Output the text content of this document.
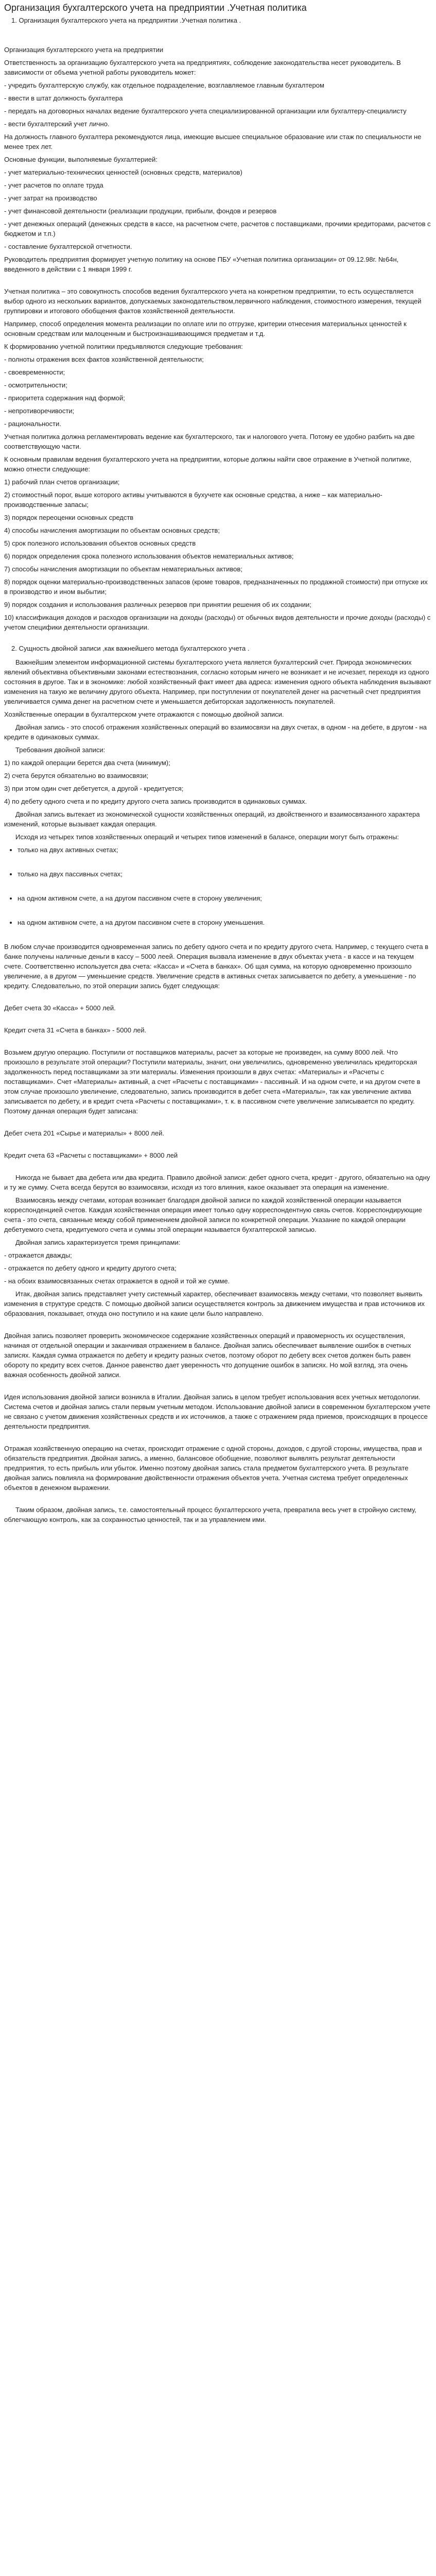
Организация бухгалтерского учета на предприятии .Учетная политика

1. Организация бухгалтерского учета на предприятии .Учетная политика .

Организация бухгалтерского учета на предприятии

Ответственность за организацию бухгалтерского учета на предприятиях, соблюдение законодательства несет руководитель. В зависимости от объема учетной работы руководитель может:

- учредить бухгалтерскую службу, как отдельное подразделение, возглавляемое главным бухгалтером

- ввести в штат должность бухгалтера

- передать на договорных началах ведение бухгалтерского учета специализированной организации или бухгалтеру-специалисту

- вести бухгалтерский учет лично.

На должность главного бухгалтера рекомендуются лица, имеющие высшее специальное образование или стаж по специальности не менее трех лет.

Основные функции, выполняемые бухгалтерией:

- учет материально-технических ценностей (основных средств, материалов)

- учет расчетов по оплате труда

- учет затрат на производство

- учет финансовой деятельности (реализации продукции, прибыли, фондов и резервов

- учет денежных операций (денежных средств в кассе, на расчетном счете, расчетов с поставщиками, прочими кредиторами, расчетов с бюджетом и т.п.)

- составление бухгалтерской отчетности.

Руководитель предприятия формирует учетную политику на основе ПБУ «Учетная политика организации» от 09.12.98г. №64н, введенного в действии с 1 января 1999 г.

Учетная политика – это совокупность способов ведения бухгалтерского учета на конкретном предприятии, то есть осуществляется выбор одного из нескольких вариантов, допускаемых законодательством,первичного наблюдения, стоимостного измерения, текущей группировки и итогового обобщения фактов хозяйственной деятельности.

Например, способ определения момента реализации по оплате или по отгрузке, критерии отнесения материальных ценностей к основным средствам или малоценным и быстроизнашивающимся предметам и т.д.

К формированию учетной политики предъявляются следующие требования:

- полноты отражения всех фактов хозяйственной деятельности;

- своевременности;

- осмотрительности;

- приоритета содержания над формой;

- непротиворечивости;

- рациональности.

Учетная политика должна регламентировать ведение как бухгалтерского, так и налогового учета. Потому ее удобно разбить на две соответствующую части.

К основным правилам ведения бухгалтерского учета на предприятии, которые должны найти свое отражение в Учетной политике, можно отнести следующие:

1) рабочий план счетов организации;

2) стоимостный порог, выше которого активы учитываются в бухучете как основные средства, а ниже – как материально-производственные запасы;

3) порядок переоценки основных средств

4) способы начисления амортизации по объектам основных средств;

5) срок полезного использования объектов основных средств

6) порядок определения срока полезного использования объектов нематериальных активов;

7) способы начисления амортизации по объектам нематериальных активов;

8) порядок оценки материально-производственных запасов (кроме товаров, предназначенных по продажной стоимости) при отпуске их в производство и ином выбытии;

9) порядок создания и использования различных резервов при принятии решения об их создании;

10) классификация доходов и расходов организации на доходы (расходы) от обычных видов деятельности и прочие доходы (расходы) с учетом специфики деятельности организации.

2. Сущность двойной записи ,как важнейшего метода бухгалтерского учета .

Важнейшим элементом информационной системы бухгалтерского учета является бухгалтерский счет. Природа экономических явлений объективна объективными законами естествознания, согласно которым ничего не возникает и не исчезает, переходя из одного состояния в другое. Так и в экономике: любой хозяйственный факт имеет два адреса: изменения одного объекта наблюдения вызывают изменения на такую же величину другого объекта. Например, при поступлении от покупателей денег на расчетный счет предприятия увеличивается сумма денег на расчетном счете и уменьшается дебиторская задолженность покупателей.

Хозяйственные операции в бухгалтерском учете отражаются с помощью двойной записи.

Двойная запись - это способ отражения хозяйственных операций во взаимосвязи на двух счетах, в одном - на дебете, в другом - на кредите в одинаковых суммах.

Требования двойной записи:

1) по каждой операции берется два счета (минимум);

2) счета берутся обязательно во взаимосвязи;

3) при этом один счет дебетуется, а другой - кредитуется;

4) по дебету одного счета и по кредиту другого счета запись производится в одинаковых суммах.

Двойная запись вытекает из экономической сущности хозяйственных операций, из двойственного и взаимосвязанного характера изменений, которые вызывает каждая операция.

Исходя из четырех типов хозяйственных операций и четырех типов изменений в балансе, операции могут быть отражены:

• только на двух активных счетах;
• только на двух пассивных счетах;
• на одном активном счете, а на другом пассивном счете в сторону увеличения;
• на одном активном счете, а на другом пассивном счете в сторону уменьшения.

В любом случае производится одновременная запись по дебету одного счета и по кредиту другого счета. Например, с текущего счета в банке получены наличные деньги в кассу – 5000 леей. Операция вызвала изменение в двух объектах учета - в кассе и на текущем счете. Соответственно используется два счета: «Касса» и «Счета в банках». Об щая сумма, на которую одновременно произошло увеличение, а в другом — уменьшение средств. Увеличение средств в активных счетах записывается по дебету, а уменьшение - по кредиту. Следовательно, по этой операции запись будет следующая:

Дебет счета 30 «Касса» + 5000 лей.

Кредит счета 31 «Счета в банках» - 5000 лей.

Возьмем другую операцию. Поступили от поставщиков материалы, расчет за которые не произведен, на сумму 8000 лей. Что произошло в результате этой операции? Поступили материалы, значит, они увеличились, одновременно увеличилась кредиторская задолженность перед поставщиками за эти материалы. Изменения произошли в двух счетах: «Материалы» и «Расчеты с поставщиками». Счет «Материалы» активный, а счет «Расчеты с поставщиками» - пассивный. И на одном счете, и на другом счете в этом случае произошло увеличение, следовательно, запись производится в дебет счета «Материалы», так как увеличение актива записывается по дебету, и в кредит счета «Расчеты с поставщиками», т. к. в пассивном счете увеличение записывается по кредиту. Поэтому данная операция будет записана:

Дебет счета 201 «Сырье и материалы» + 8000 лей.

Кредит счета 63 «Расчеты с поставщиками» + 8000 лей

Никогда не бывает два дебета или два кредита. Правило двойной записи: дебет одного счета, кредит - другого, обязательно на одну и ту же сумму. Счета всегда берутся во взаимосвязи, исходя из того влияния, какое оказывает эта операция на изменение.

Взаимосвязь между счетами, которая возникает благодаря двойной записи по каждой хозяйственной операции называется корреспонденцией счетов. Каждая хозяйственная операция имеет только одну корреспондентную связь счетов. Корреспондирующие счета - это счета, связанные между собой применением двойной записи по конкретной операции. Указание по каждой операции дебетуемого счета, кредитуемого счета и суммы этой операции называется бухгалтерской записью.

Двойная запись характеризуется тремя принципами:

- отражается дважды;

- отражается по дебету одного и кредиту другого счета;

- на обоих взаимосвязанных счетах отражается в одной и той же сумме.

Итак, двойная запись представляет учету системный характер, обеспечивает взаимосвязь между счетами, что позволяет выявить изменения в структуре средств. С помощью двойной записи осуществляется контроль за движением имущества и прав источников их образования, показывает, откуда оно поступило и на какие цели было направлено.

Двойная запись позволяет проверить экономическое содержание хозяйственных операций и правомерность их осуществления, начиная от отдельной операции и заканчивая отражением в балансе. Двойная запись обеспечивает выявление ошибок в счетных записях. Каждая сумма отражается по дебету и кредиту разных счетов, поэтому оборот по дебету всех счетов должен быть равен обороту по кредиту всех счетов. Данное равенство дает уверенность что допущение ошибок в записях. Но мой взгляд, эта очень важная особенность двойной записи.

Идея использования двойной записи возникла в Италии. Двойная запись в целом требует использования всех учетных методологии. Система счетов и двойная запись стали первым учетным методом. Использование двойной записи в современном бухгалтерском учете не связано с учетом движения хозяйственных средств и их источников, а также с отражением ряда приемов, происходящих в процессе деятельности предприятия.

Отражая хозяйственную операцию на счетах, происходит отражение с одной стороны, доходов, с другой стороны, имущества, прав и обязательств предприятия. Двойная запись, а именно, балансовое обобщение, позволяют выявлять результат деятельности предприятия, то есть прибыль или убыток. Именно поэтому двойная запись стала предметом бухгалтерского учета. В результате двойная запись повлияла на формирование двойственности отражения объектов учета. Учетная система требует определенных объектов в денежном выражении.

Таким образом, двойная запись, т.е. самостоятельный процесс бухгалтерского учета, превратила весь учет в стройную систему, облегчающую контроль, как за сохранностью ценностей, так и за управлением ими.
